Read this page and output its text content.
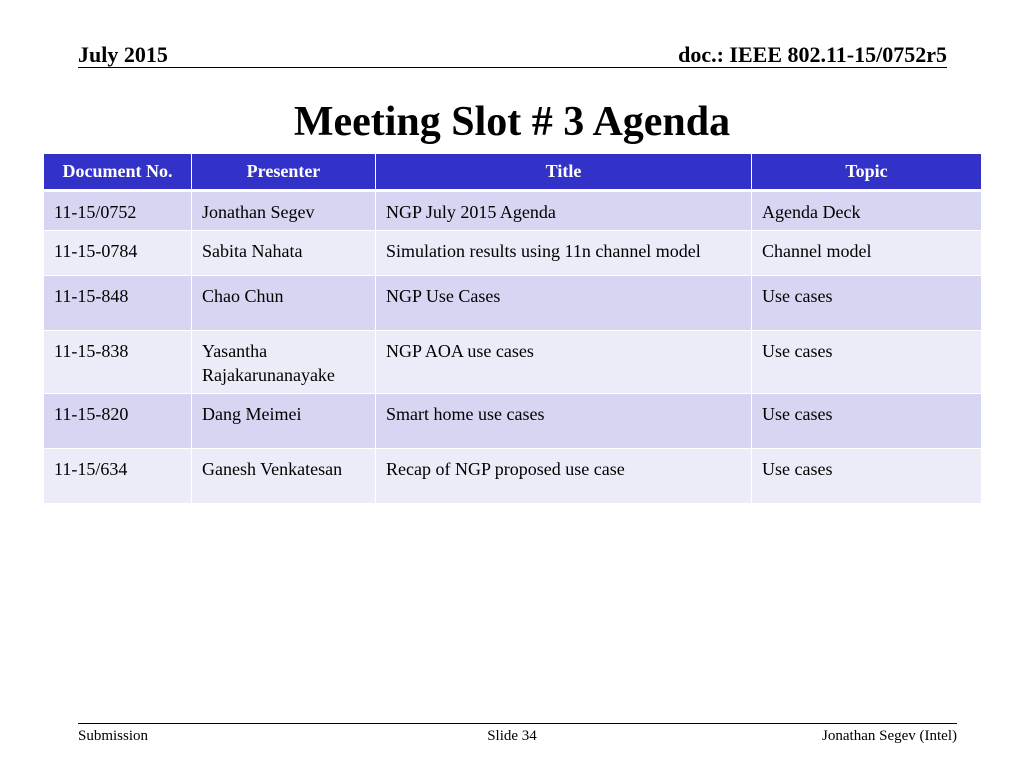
July 2015	doc.: IEEE 802.11-15/0752r5
Meeting Slot # 3 Agenda
Document No.	Presenter	Title	Topic
11-15/0752	Jonathan Segev	NGP July 2015 Agenda	Agenda Deck
11-15-0784	Sabita Nahata	Simulation results using 11n channel model	Channel model
11-15-848	Chao Chun	NGP Use Cases	Use cases
11-15-838	Yasantha Rajakarunanayake	NGP AOA use cases	Use cases
11-15-820	Dang Meimei	Smart home use cases	Use cases
11-15/634	Ganesh Venkatesan	Recap of NGP proposed use case	Use cases
Submission	Slide 34	Jonathan Segev (Intel)
